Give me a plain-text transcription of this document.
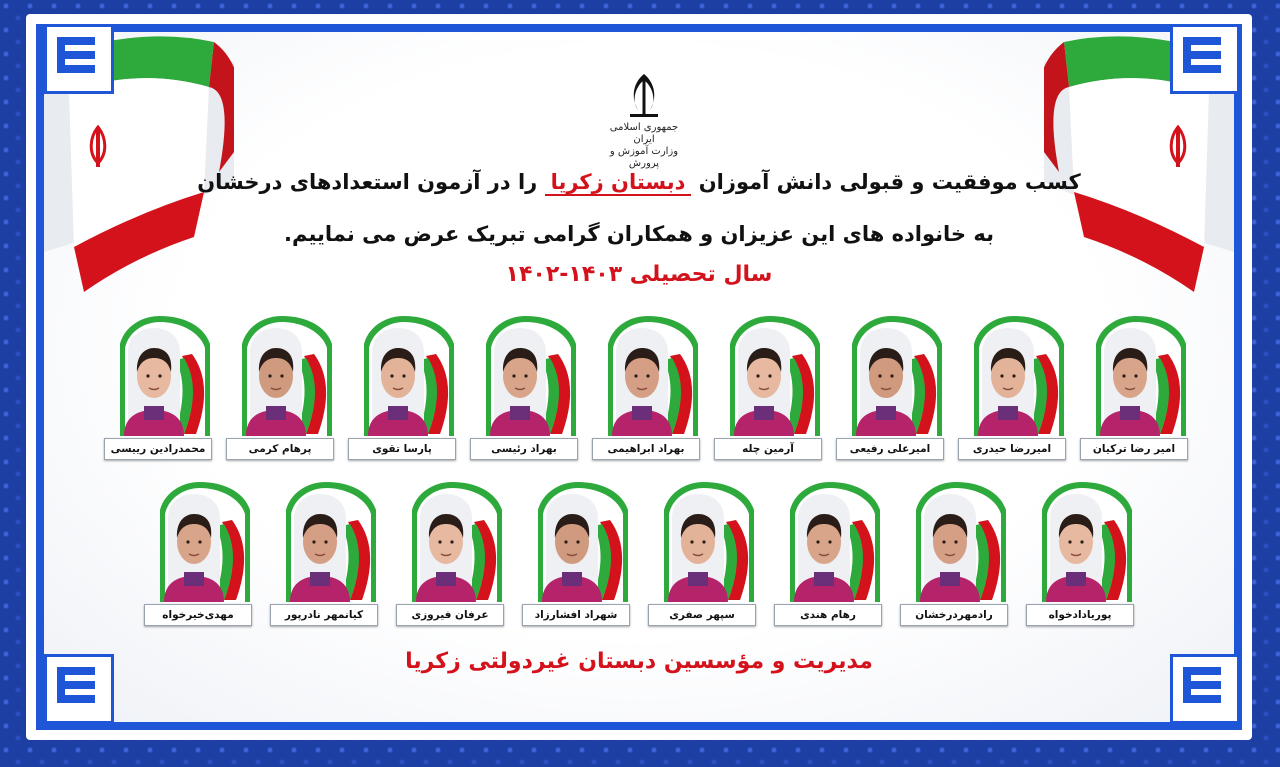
جمهوری اسلامی ایران
وزارت آموزش و پرورش
کسب موفقیت و قبولی دانش آموزان دبستان زکریا را در آزمون استعدادهای درخشان
به خانواده های این عزیزان و همکاران گرامی تبریک عرض می نماییم.
سال تحصیلی ۱۴۰۳-۱۴۰۲
امیر رضا ترکیان
امیررضا حیدری
امیرعلی رفیعی
آرمین چله
بهراد ابراهیمی
بهراد رئیسی
پارسا تقوی
پرهام کرمی
محمدرادین رییسی
پوریادادخواه
رادمهردرخشان
رهام هندی
سپهر صفری
شهراد افشارزاد
عرفان فیروزی
کیانمهر نادرپور
مهدی‌خیرخواه
مدیریت و مؤسسین دبستان غیردولتی زکریا
